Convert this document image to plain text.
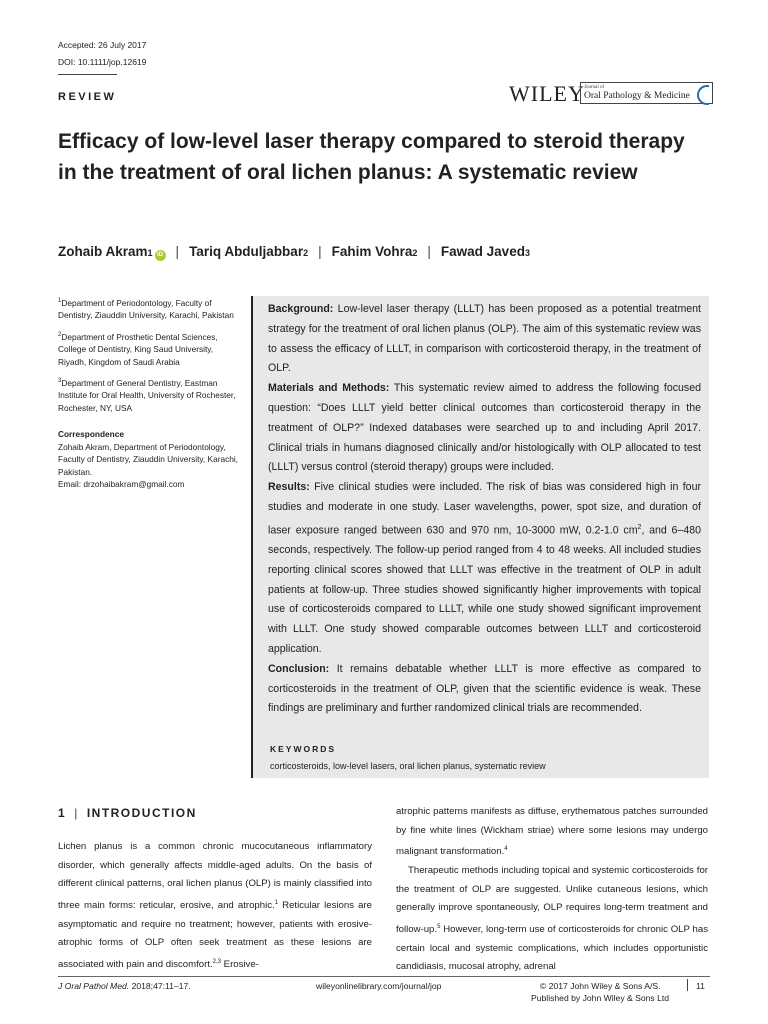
Accepted: 26 July 2017
DOI: 10.1111/jop.12619
REVIEW	WILEY Journal of
Oral Pathology & Medicine
Efficacy of low-level laser therapy compared to steroid therapy in the treatment of oral lichen planus: A systematic review
Zohaib Akram 1 iD | Tariq Abduljabbar 2 | Fahim Vohra 2 | Fawad Javed 3

$^1$Department of Periodontology, Faculty of Dentistry, Ziauddin University, Karachi, Pakistan

$^2$Department of Prosthetic Dental Sciences, College of Dentistry, King Saud University, Riyadh, Kingdom of Saudi Arabia

$^3$Department of General Dentistry, Eastman Institute for Oral Health, University of Rochester, Rochester, NY, USA

Correspondence

Zohaib Akram, Department of Periodontology, Faculty of Dentistry, Ziauddin University, Karachi, Pakistan.

Email: drzohaibakram@gmail.com

Background: Low-level laser therapy (LLLT) has been proposed as a potential treatment strategy for the treatment of oral lichen planus (OLP). The aim of this systematic review was to assess the efficacy of LLLT, in comparison with corticosteroid therapy, in the treatment of OLP.

Materials and Methods: This systematic review aimed to address the following focused question: “Does LLLT yield better clinical outcomes than corticosteroid therapy in the treatment of OLP?” Indexed databases were searched up to and including April 2017. Clinical trials in humans diagnosed clinically and/or histologically with OLP allocated to test (LLLT) versus control (steroid therapy) groups were included.

Results: Five clinical studies were included. The risk of bias was considered high in four studies and moderate in one study. Laser wavelengths, power, spot size, and duration of laser exposure ranged between 630 and 970 nm, 10-3000 mW, 0.2-1.0 $cm^2$, and 6–480 seconds, respectively. The follow-up period ranged from 4 to 48 weeks. All included studies reporting clinical scores showed that LLLT was effective in the treatment of OLP in adult patients at follow-up. Three studies showed significantly higher improvements with topical use of corticosteroids compared to LLLT, while one study showed significant improvement with LLLT. One study showed comparable outcomes between LLLT and corticosteroid application.

Conclusion: It remains debatable whether LLLT is more effective as compared to corticosteroids in the treatment of OLP, given that the scientific evidence is weak. These findings are preliminary and further randomized clinical trials are recommended.

KEYWORDS
corticosteroids, low-level lasers, oral lichen planus, systematic review
1 | INTRODUCTION

Lichen planus is a common chronic mucocutaneous inflammatory disorder, which generally affects middle-aged adults. On the basis of different clinical patterns, oral lichen planus (OLP) is mainly classified into three main forms: reticular, erosive, and atrophic.$^1$ Reticular lesions are asymptomatic and require no treatment; however, patients with erosive-atrophic forms of OLP often seek treatment as these lesions are associated with pain and discomfort.$^{2,3}$ Erosive-

atrophic patterns manifests as diffuse, erythematous patches surrounded by fine white lines (Wickham striae) where some lesions may undergo malignant transformation.$^4$

Therapeutic methods including topical and systemic corticosteroids for the treatment of OLP are suggested. Unlike cutaneous lesions, which generally improve spontaneously, OLP requires long-term treatment and follow-up.$^5$ However, long-term use of corticosteroids for chronic OLP has certain local and systemic complications, which includes opportunistic candidiasis, mucosal atrophy, adrenal

J Oral Pathol Med. 2018;47:11–17.	wileyonlinelibrary.com/journal/jop	© 2017 John Wiley & Sons A/S.	11
Published by John Wiley & Sons Ltd
